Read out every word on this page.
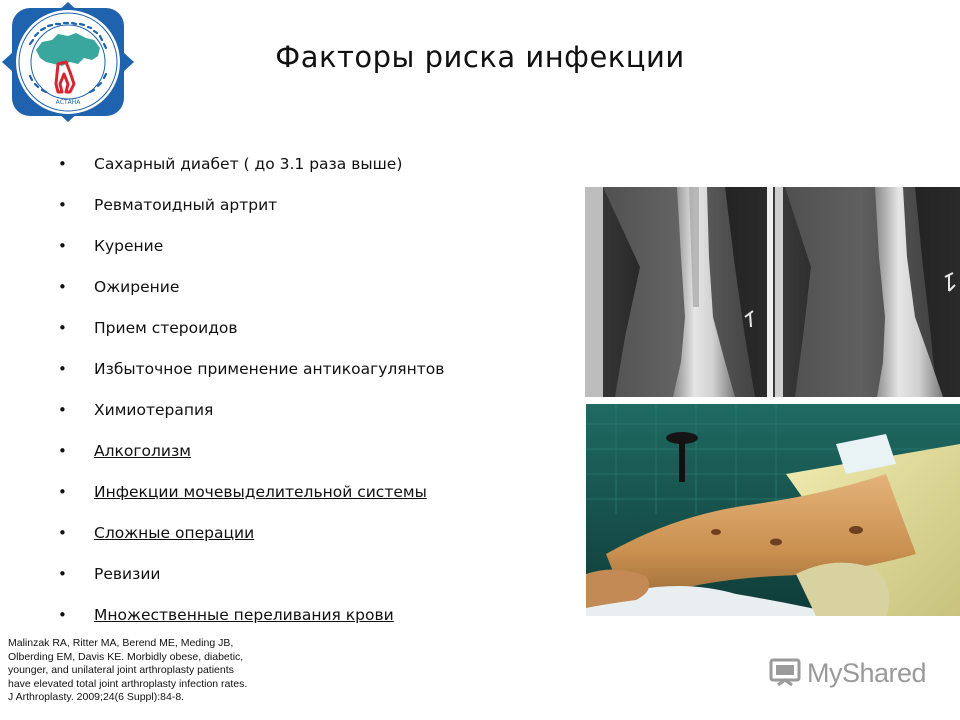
АСТАНА
Факторы риска инфекции
• Сахарный диабет ( до 3.1 раза выше)
• Ревматоидный артрит
• Курение
• Ожирение
• Прием стероидов
• Избыточное применение антикоагулянтов
• Химиотерапия
• Алкоголизм
• Инфекции мочевыделительной системы
• Сложные операции
• Ревизии
• Множественные переливания крови
Malinzak RA, Ritter MA, Berend ME, Meding JB,
Olberding EM, Davis KE. Morbidly obese, diabetic,
younger, and unilateral joint arthroplasty patients
have elevated total joint arthroplasty infection rates.
J Arthroplasty. 2009;24(6 Suppl):84-8.
MyShared
